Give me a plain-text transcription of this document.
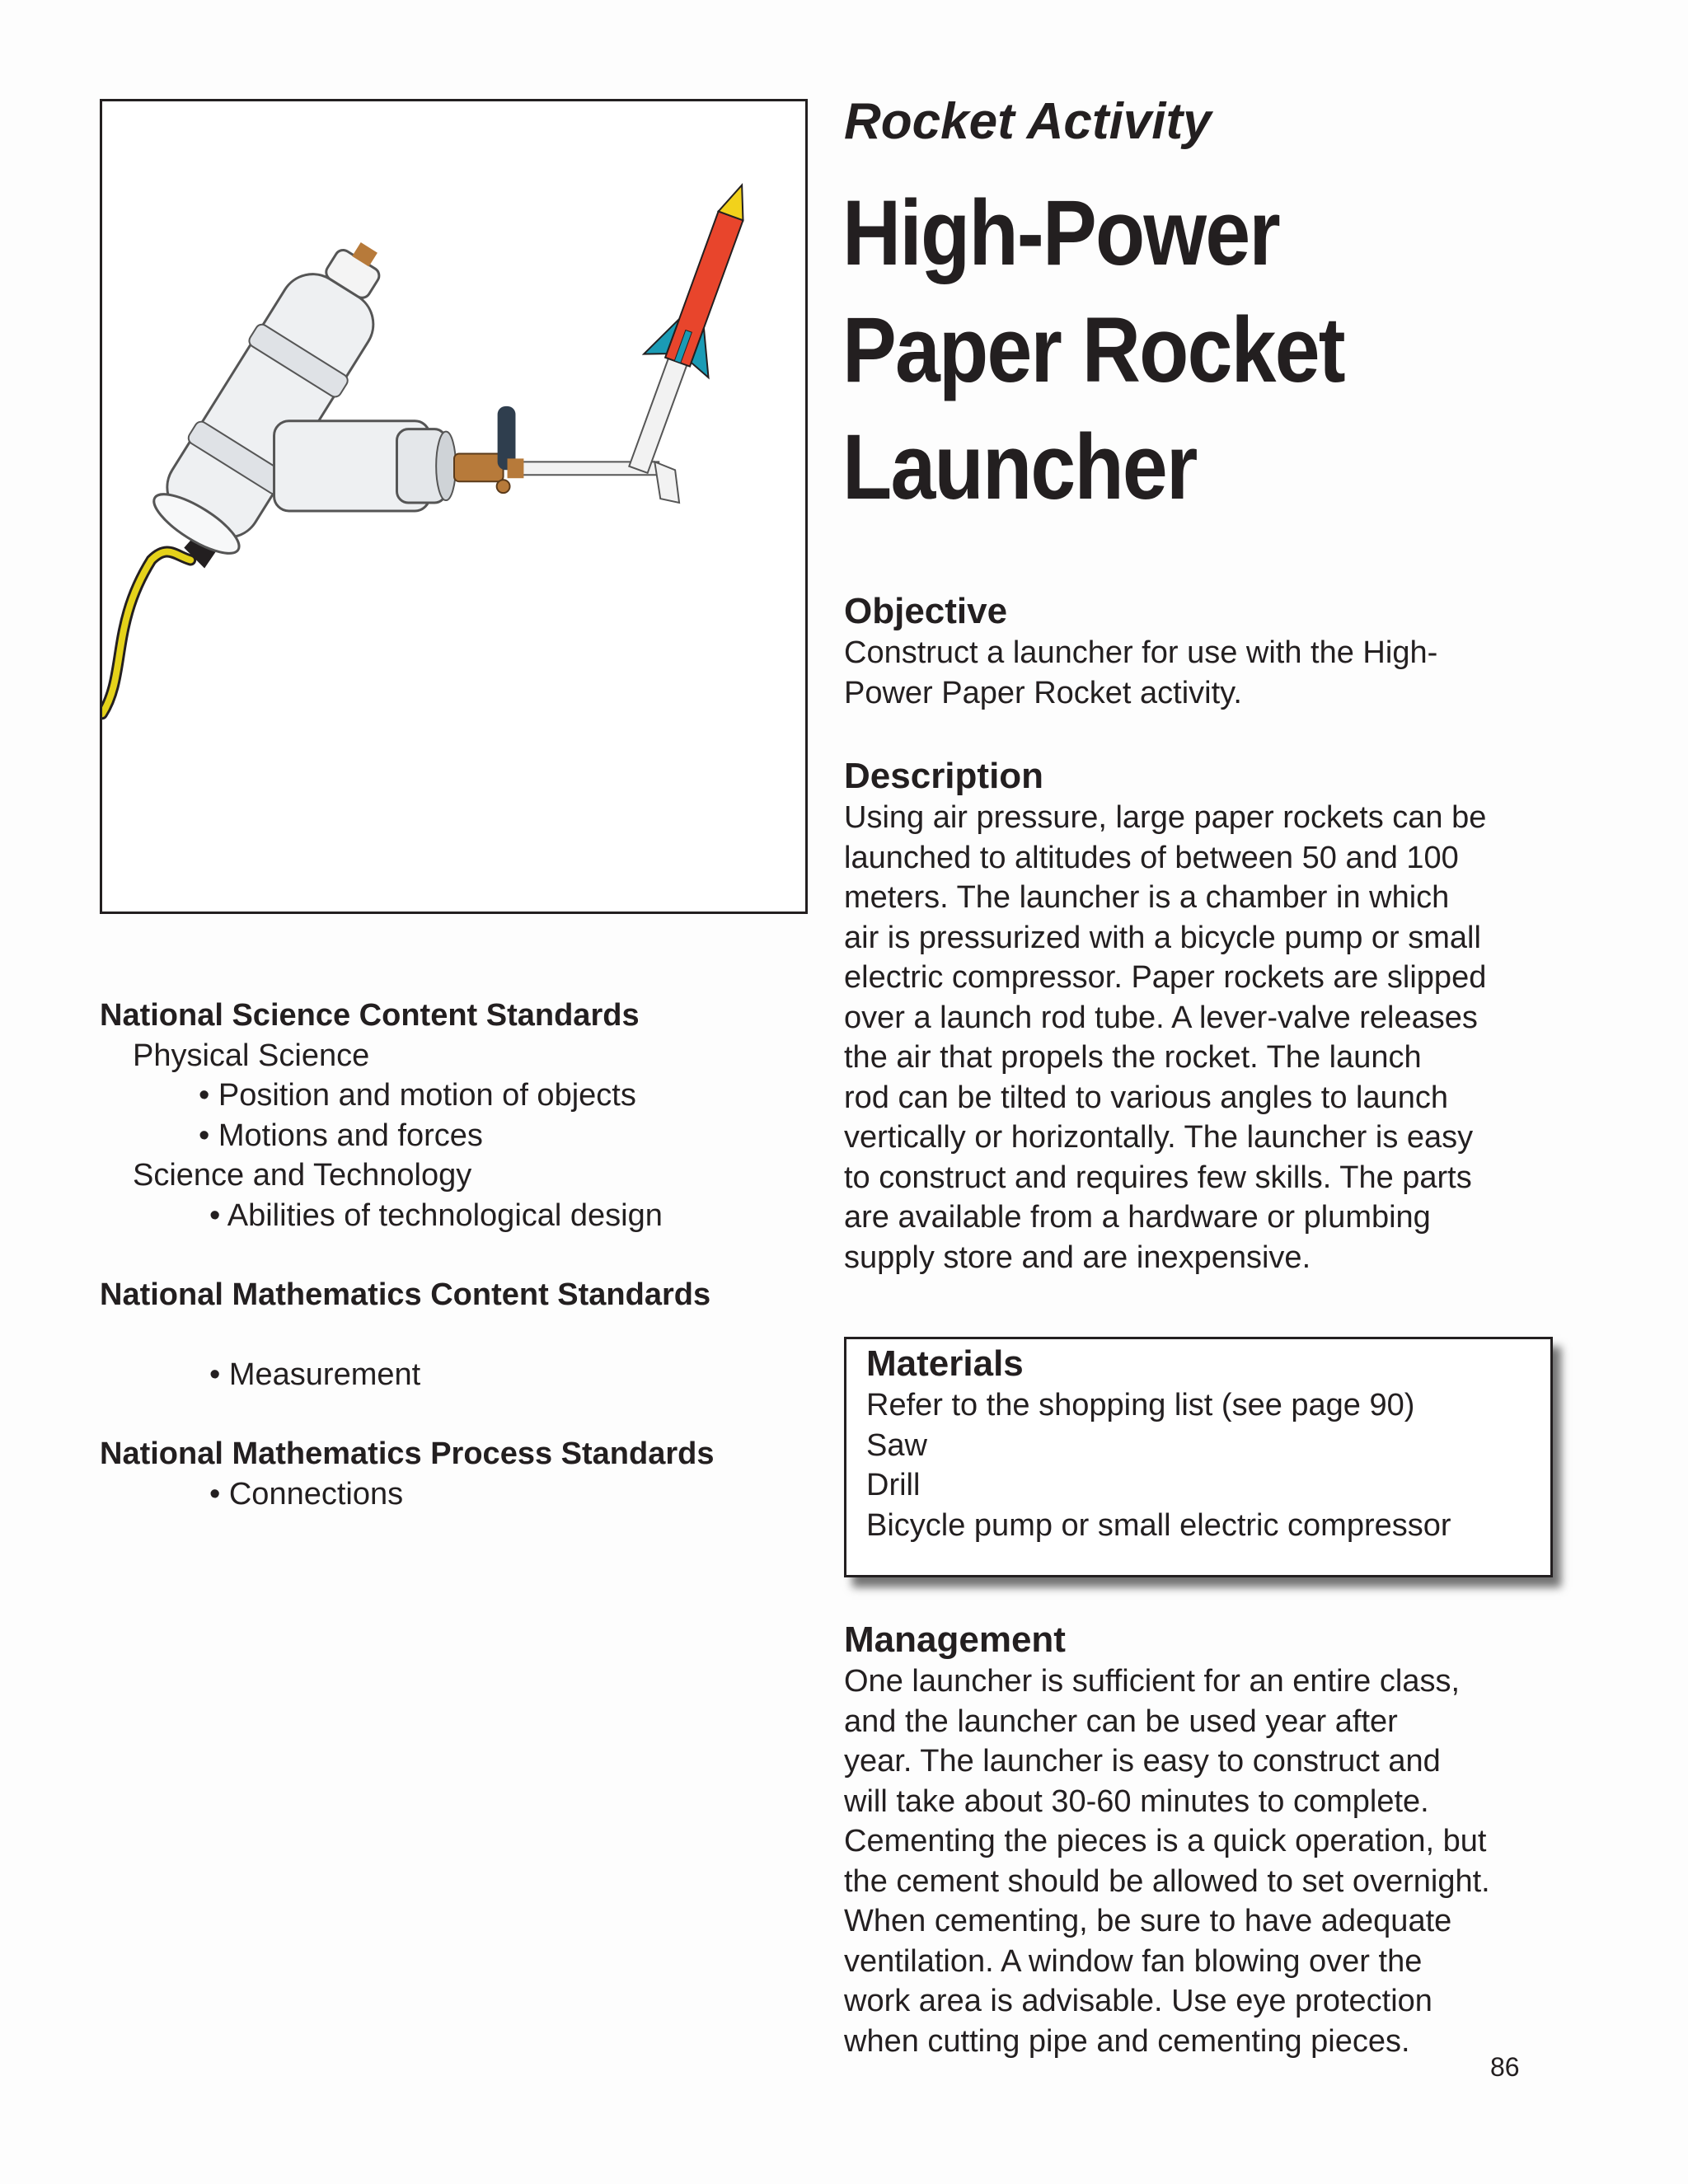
Rocket Activity
High-Power
Paper Rocket
Launcher
Objective

Construct a launcher for use with the High-
Power Paper Rocket activity.

Description

Using air pressure, large paper rockets can be
launched to altitudes of between 50 and 100
meters. The launcher is a chamber in which
air is pressurized with a bicycle pump or small
electric compressor. Paper rockets are slipped
over a launch rod tube. A lever-valve releases
the air that propels the rocket. The launch
rod can be tilted to various angles to launch
vertically or horizontally. The launcher is easy
to construct and requires few skills. The parts
are available from a hardware or plumbing
supply store and are inexpensive.

Materials
Refer to the shopping list (see page 90)
Saw
Drill
Bicycle pump or small electric compressor
Management

One launcher is sufficient for an entire class,
and the launcher can be used year after
year. The launcher is easy to construct and
will take about 30-60 minutes to complete.
Cementing the pieces is a quick operation, but
the cement should be allowed to set overnight.
When cementing, be sure to have adequate
ventilation. A window fan blowing over the
work area is advisable. Use eye protection
when cutting pipe and cementing pieces.

National Science Content Standards
Physical Science
• Position and motion of objects
• Motions and forces
Science and Technology
• Abilities of technological design
National Mathematics Content Standards
• Measurement
National Mathematics Process Standards
• Connections
86
